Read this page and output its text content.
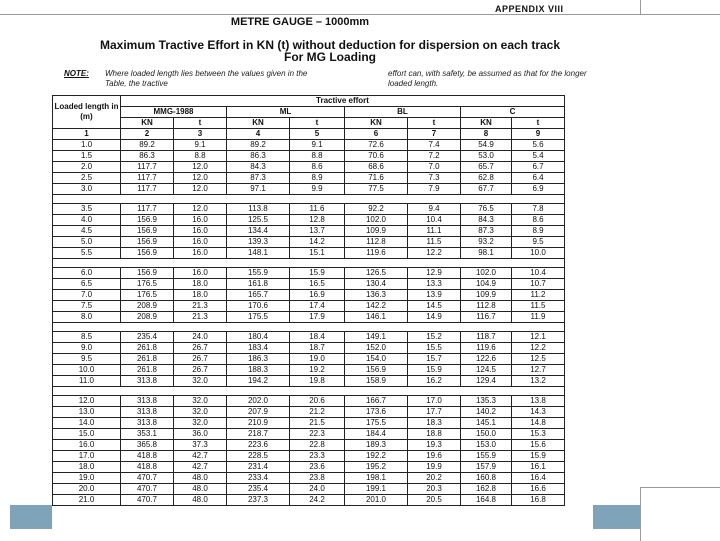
APPENDIX VIII
METRE GAUGE – 1000mm
Maximum Tractive Effort in KN (t) without deduction for dispersion on each track
For MG Loading
NOTE: Where loaded length lies between the values given in the Table, the tractive
effort can, with safety, be assumed as that for the longer loaded length.
Loaded length in (m)	Tractive effort							
	MMG-1988		ML		BL		C	
	KN	t	KN	t	KN	t	KN	t
1	2	3	4	5	6	7	8	9
1.0	89.2	9.1	89.2	9.1	72.6	7.4	54.9	5.6
1.5	86.3	8.8	86.3	8.8	70.6	7.2	53.0	5.4
2.0	117.7	12.0	84.3	8.6	68.6	7.0	65.7	6.7
2.5	117.7	12.0	87.3	8.9	71.6	7.3	62.8	6.4
3.0	117.7	12.0	97.1	9.9	77.5	7.9	67.7	6.9

3.5	117.7	12.0	113.8	11.6	92.2	9.4	76.5	7.8
4.0	156.9	16.0	125.5	12.8	102.0	10.4	84.3	8.6
4.5	156.9	16.0	134.4	13.7	109.9	11.1	87.3	8.9
5.0	156.9	16.0	139.3	14.2	112.8	11.5	93.2	9.5
5.5	156.9	16.0	148.1	15.1	119.6	12.2	98.1	10.0

6.0	156.9	16.0	155.9	15.9	126.5	12.9	102.0	10.4
6.5	176.5	18.0	161.8	16.5	130.4	13.3	104.9	10.7
7.0	176.5	18.0	165.7	16.9	136.3	13.9	109.9	11.2
7.5	208.9	21.3	170.6	17.4	142.2	14.5	112.8	11.5
8.0	208.9	21.3	175.5	17.9	146.1	14.9	116.7	11.9

8.5	235.4	24.0	180.4	18.4	149.1	15.2	118.7	12.1
9.0	261.8	26.7	183.4	18.7	152.0	15.5	119.6	12.2
9.5	261.8	26.7	186.3	19.0	154.0	15.7	122.6	12.5
10.0	261.8	26.7	188.3	19.2	156.9	15.9	124.5	12.7
11.0	313.8	32.0	194.2	19.8	158.9	16.2	129.4	13.2

12.0	313.8	32.0	202.0	20.6	166.7	17.0	135.3	13.8
13.0	313.8	32.0	207.9	21.2	173.6	17.7	140.2	14.3
14.0	313.8	32.0	210.9	21.5	175.5	18.3	145.1	14.8
15.0	353.1	36.0	218.7	22.3	184.4	18.8	150.0	15.3
16.0	365.8	37.3	223.6	22.8	189.3	19.3	153.0	15.6
17.0	418.8	42.7	228.5	23.3	192.2	19.6	155.9	15.9
18.0	418.8	42.7	231.4	23.6	195.2	19.9	157.9	16.1
19.0	470.7	48.0	233.4	23.8	198.1	20.2	160.8	16.4
20.0	470.7	48.0	235.4	24.0	199.1	20.3	162.8	16.6
21.0	470.7	48.0	237.3	24.2	201.0	20.5	164.8	16.8
